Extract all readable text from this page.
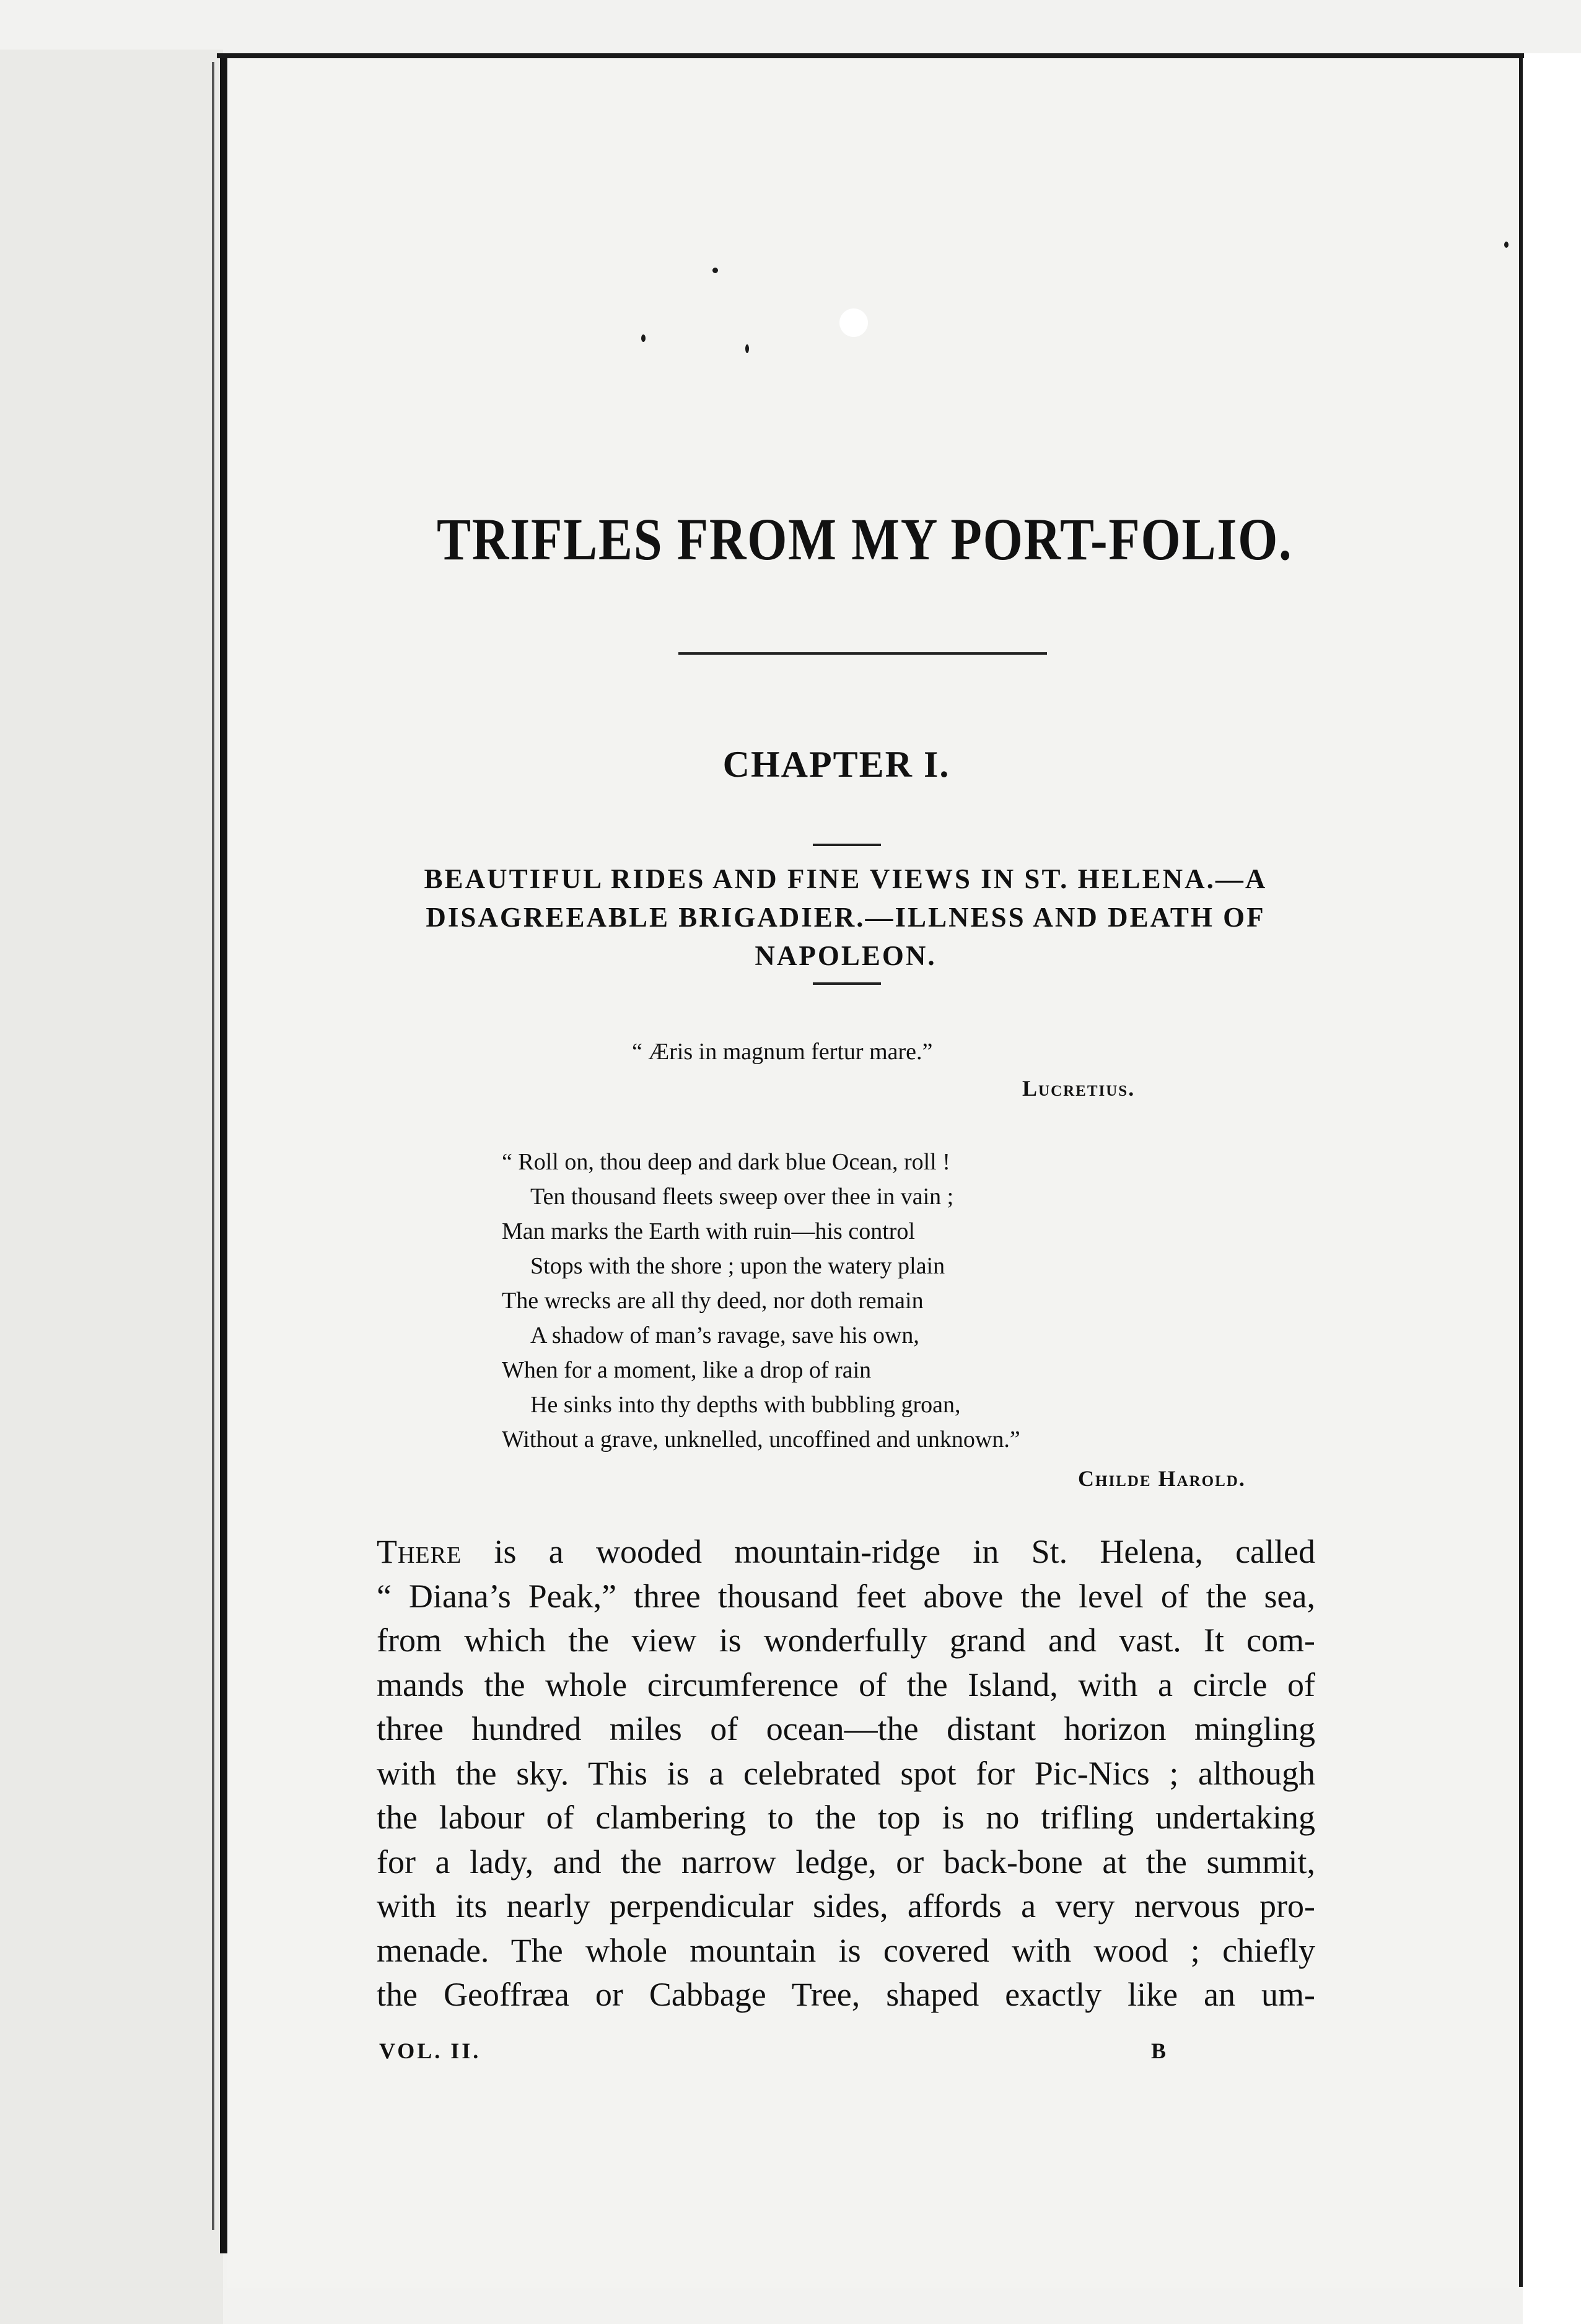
TRIFLES FROM MY PORT-FOLIO.
CHAPTER I.
BEAUTIFUL RIDES AND FINE VIEWS IN ST. HELENA.—A
DISAGREEABLE BRIGADIER.—ILLNESS AND DEATH OF
NAPOLEON.
“ Æris in magnum fertur mare.”
Lucretius.
“ Roll on, thou deep and dark blue Ocean, roll !
Ten thousand fleets sweep over thee in vain ;
Man marks the Earth with ruin—his control
Stops with the shore ; upon the watery plain
The wrecks are all thy deed, nor doth remain
A shadow of man’s ravage, save his own,
When for a moment, like a drop of rain
He sinks into thy depths with bubbling groan,
Without a grave, unknelled, uncoffined and unknown.”
Childe Harold.
There is a wooded mountain-ridge in St. Helena, called
“ Diana’s Peak,” three thousand feet above the level of the sea,
from which the view is wonderfully grand and vast. It com-
mands the whole circumference of the Island, with a circle of
three hundred miles of ocean—the distant horizon mingling
with the sky. This is a celebrated spot for Pic-Nics ; although
the labour of clambering to the top is no trifling undertaking
for a lady, and the narrow ledge, or back-bone at the summit,
with its nearly perpendicular sides, affords a very nervous pro-
menade. The whole mountain is covered with wood ; chiefly
the Geoffræa or Cabbage Tree, shaped exactly like an um-
VOL. II.	B
